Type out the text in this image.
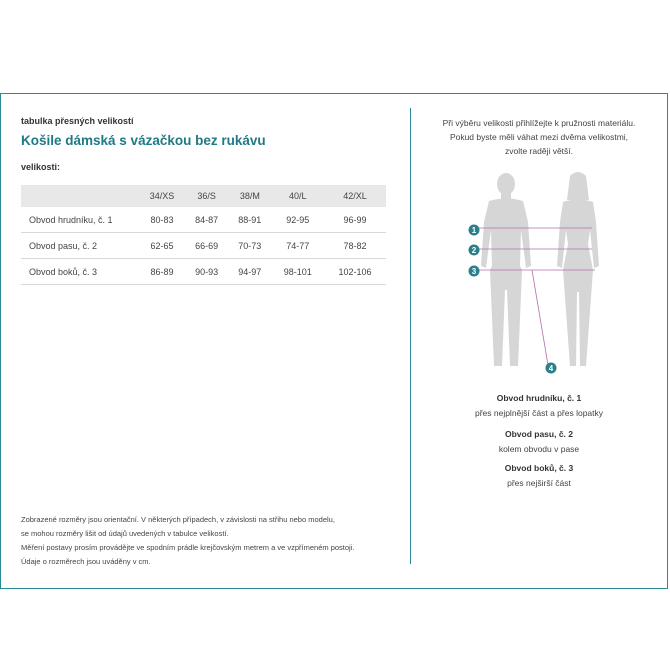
tabulka přesných velikostí
Košile dámská s vázačkou bez rukávu
velikosti:
	34/XS	36/S	38/M	40/L	42/XL
Obvod hrudníku, č. 1	80-83	84-87	88-91	92-95	96-99
Obvod pasu, č. 2	62-65	66-69	70-73	74-77	78-82
Obvod boků, č. 3	86-89	90-93	94-97	98-101	102-106
Zobrazené rozměry jsou orientační. V některých případech, v závislosti na střihu nebo modelu,
se mohou rozměry lišit od údajů uvedených v tabulce velikostí.
Měření postavy prosím provádějte ve spodním prádle krejčovským metrem a ve vzpřímeném postoji.
Údaje o rozměrech jsou uváděny v cm.
Při výběru velikosti přihlížejte k pružnosti materiálu.
Pokud byste měli váhat mezi dvěma velikostmi,
zvolte raději větší.
1
2
3
4
Obvod hrudníku, č. 1
přes nejplnější část a přes lopatky
Obvod pasu, č. 2
kolem obvodu v pase
Obvod boků, č. 3
přes nejširší část
